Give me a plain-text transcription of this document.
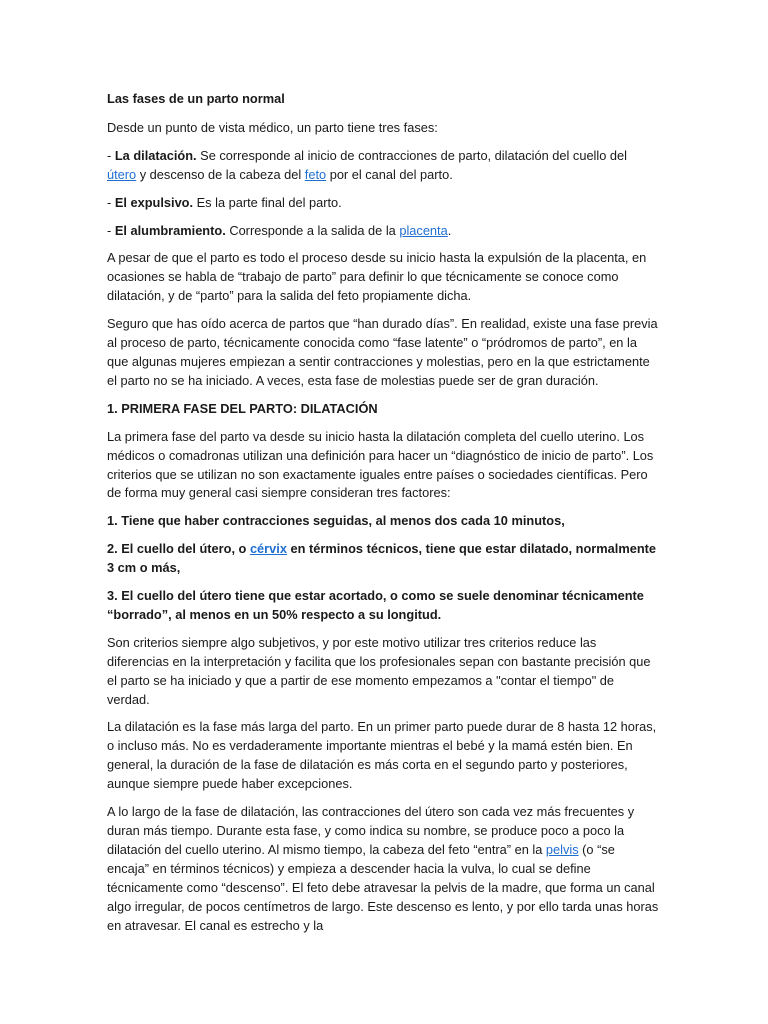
Las fases de un parto normal

Desde un punto de vista médico, un parto tiene tres fases:

- La dilatación. Se corresponde al inicio de contracciones de parto, dilatación del cuello del útero y descenso de la cabeza del feto por el canal del parto.

- El expulsivo. Es la parte final del parto.

- El alumbramiento. Corresponde a la salida de la placenta.

A pesar de que el parto es todo el proceso desde su inicio hasta la expulsión de la placenta, en ocasiones se habla de “trabajo de parto” para definir lo que técnicamente se conoce como dilatación, y de “parto” para la salida del feto propiamente dicha.

Seguro que has oído acerca de partos que “han durado días”. En realidad, existe una fase previa al proceso de parto, técnicamente conocida como “fase latente” o “pródromos de parto”, en la que algunas mujeres empiezan a sentir contracciones y molestias, pero en la que estrictamente el parto no se ha iniciado. A veces, esta fase de molestias puede ser de gran duración.

1. PRIMERA FASE DEL PARTO: DILATACIÓN

La primera fase del parto va desde su inicio hasta la dilatación completa del cuello uterino. Los médicos o comadronas utilizan una definición para hacer un “diagnóstico de inicio de parto”. Los criterios que se utilizan no son exactamente iguales entre países o sociedades científicas. Pero de forma muy general casi siempre consideran tres factores:

1. Tiene que haber contracciones seguidas, al menos dos cada 10 minutos,

2. El cuello del útero, o cérvix en términos técnicos, tiene que estar dilatado, normalmente 3 cm o más,

3. El cuello del útero tiene que estar acortado, o como se suele denominar técnicamente “borrado”, al menos en un 50% respecto a su longitud.

Son criterios siempre algo subjetivos, y por este motivo utilizar tres criterios reduce las diferencias en la interpretación y facilita que los profesionales sepan con bastante precisión que el parto se ha iniciado y que a partir de ese momento empezamos a "contar el tiempo" de verdad.

La dilatación es la fase más larga del parto. En un primer parto puede durar de 8 hasta 12 horas, o incluso más. No es verdaderamente importante mientras el bebé y la mamá estén bien. En general, la duración de la fase de dilatación es más corta en el segundo parto y posteriores, aunque siempre puede haber excepciones.

A lo largo de la fase de dilatación, las contracciones del útero son cada vez más frecuentes y duran más tiempo. Durante esta fase, y como indica su nombre, se produce poco a poco la dilatación del cuello uterino. Al mismo tiempo, la cabeza del feto “entra” en la pelvis (o “se encaja” en términos técnicos) y empieza a descender hacia la vulva, lo cual se define técnicamente como “descenso”. El feto debe atravesar la pelvis de la madre, que forma un canal algo irregular, de pocos centímetros de largo. Este descenso es lento, y por ello tarda unas horas en atravesar. El canal es estrecho y la
